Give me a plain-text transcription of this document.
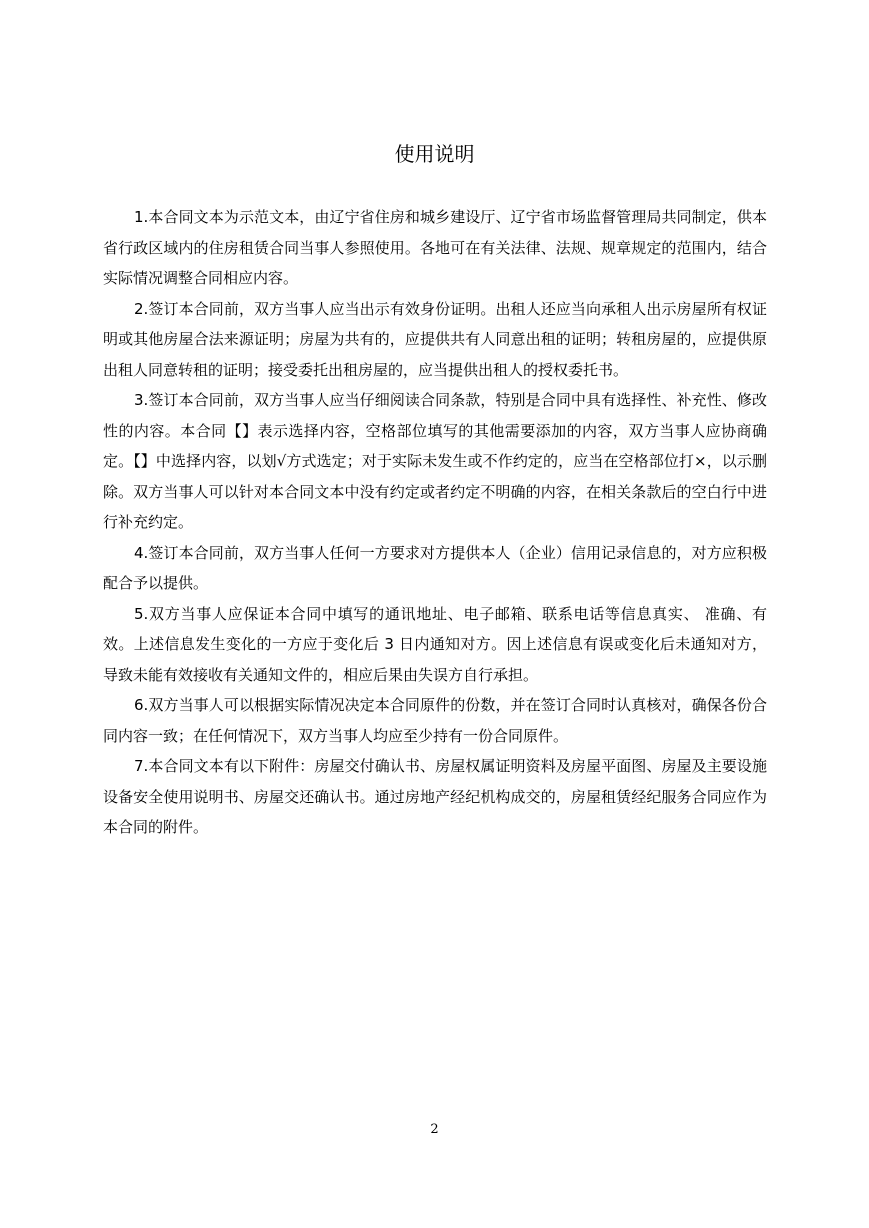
使用说明

1.本合同文本为示范文本，由辽宁省住房和城乡建设厅、辽宁省市场监督管理局共同制定，供本省行政区域内的住房租赁合同当事人参照使用。各地可在有关法律、法规、规章规定的范围内，结合实际情况调整合同相应内容。

2.签订本合同前，双方当事人应当出示有效身份证明。出租人还应当向承租人出示房屋所有权证明或其他房屋合法来源证明；房屋为共有的，应提供共有人同意出租的证明；转租房屋的，应提供原出租人同意转租的证明；接受委托出租房屋的，应当提供出租人的授权委托书。

3.签订本合同前，双方当事人应当仔细阅读合同条款，特别是合同中具有选择性、补充性、修改性的内容。本合同【】表示选择内容，空格部位填写的其他需要添加的内容，双方当事人应协商确定。【】中选择内容，以划√方式选定；对于实际未发生或不作约定的，应当在空格部位打×，以示删除。双方当事人可以针对本合同文本中没有约定或者约定不明确的内容，在相关条款后的空白行中进行补充约定。

4.签订本合同前，双方当事人任何一方要求对方提供本人（企业）信用记录信息的，对方应积极配合予以提供。

5.双方当事人应保证本合同中填写的通讯地址、电子邮箱、联系电话等信息真实、 准确、有效。上述信息发生变化的一方应于变化后 3 日内通知对方。因上述信息有误或变化后未通知对方，导致未能有效接收有关通知文件的，相应后果由失误方自行承担。

6.双方当事人可以根据实际情况决定本合同原件的份数，并在签订合同时认真核对，确保各份合同内容一致；在任何情况下，双方当事人均应至少持有一份合同原件。

7.本合同文本有以下附件：房屋交付确认书、房屋权属证明资料及房屋平面图、房屋及主要设施设备安全使用说明书、房屋交还确认书。通过房地产经纪机构成交的，房屋租赁经纪服务合同应作为本合同的附件。

2
